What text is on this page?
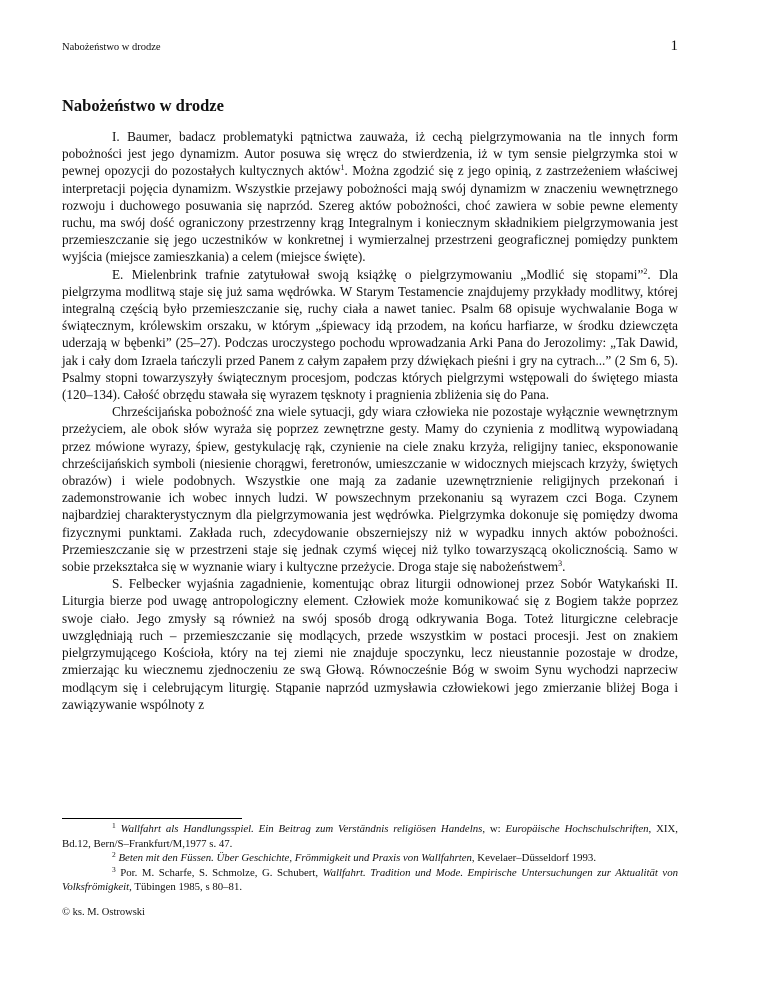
Nabożeństwo w drodze	1
Nabożeństwo w drodze

I. Baumer, badacz problematyki pątnictwa zauważa, iż cechą pielgrzymowania na tle innych form pobożności jest jego dynamizm. Autor posuwa się wręcz do stwierdzenia, iż w tym sensie pielgrzymka stoi w pewnej opozycji do pozostałych kultycznych aktów$^1$. Można zgodzić się z jego opinią, z zastrzeżeniem właściwej interpretacji pojęcia dynamizm. Wszystkie przejawy pobożności mają swój dynamizm w znaczeniu wewnętrznego rozwoju i duchowego posuwania się naprzód. Szereg aktów pobożności, choć zawiera w sobie pewne elementy ruchu, ma swój dość ograniczony przestrzenny krąg Integralnym i koniecznym składnikiem pielgrzymowania jest przemieszczanie się jego uczestników w konkretnej i wymierzalnej przestrzeni geograficznej pomiędzy punktem wyjścia (miejsce zamieszkania) a celem (miejsce święte).

E. Mielenbrink trafnie zatytułował swoją książkę o pielgrzymowaniu „Modlić się stopami”$^2$. Dla pielgrzyma modlitwą staje się już sama wędrówka. W Starym Testamencie znajdujemy przykłady modlitwy, której integralną częścią było przemieszczanie się, ruchy ciała a nawet taniec. Psalm 68 opisuje wychwalanie Boga w świątecznym, królewskim orszaku, w którym „śpiewacy idą przodem, na końcu harfiarze, w środku dziewczęta uderzają w bębenki” (25–27). Podczas uroczystego pochodu wprowadzania Arki Pana do Jerozolimy: „Tak Dawid, jak i cały dom Izraela tańczyli przed Panem z całym zapałem przy dźwiękach pieśni i gry na cytrach...” (2 Sm 6, 5). Psalmy stopni towarzyszyły świątecznym procesjom, podczas których pielgrzymi wstępowali do świętego miasta (120–134). Całość obrzędu stawała się wyrazem tęsknoty i pragnienia zbliżenia się do Pana.

Chrześcijańska pobożność zna wiele sytuacji, gdy wiara człowieka nie pozostaje wyłącznie wewnętrznym przeżyciem, ale obok słów wyraża się poprzez zewnętrzne gesty. Mamy do czynienia z modlitwą wypowiadaną przez mówione wyrazy, śpiew, gestykulację rąk, czynienie na ciele znaku krzyża, religijny taniec, eksponowanie chrześcijańskich symboli (niesienie chorągwi, feretronów, umieszczanie w widocznych miejscach krzyży, świętych obrazów) i wiele podobnych. Wszystkie one mają za zadanie uzewnętrznienie religijnych przekonań i zademonstrowanie ich wobec innych ludzi. W powszechnym przekonaniu są wyrazem czci Boga. Czynem najbardziej charakterystycznym dla pielgrzymowania jest wędrówka. Pielgrzymka dokonuje się pomiędzy dwoma fizycznymi punktami. Zakłada ruch, zdecydowanie obszerniejszy niż w wypadku innych aktów pobożności. Przemieszczanie się w przestrzeni staje się jednak czymś więcej niż tylko towarzyszącą okolicznością. Samo w sobie przekształca się w wyznanie wiary i kultyczne przeżycie. Droga staje się nabożeństwem$^3$.

S. Felbecker wyjaśnia zagadnienie, komentując obraz liturgii odnowionej przez Sobór Watykański II. Liturgia bierze pod uwagę antropologiczny element. Człowiek może komunikować się z Bogiem także poprzez swoje ciało. Jego zmysły są również na swój sposób drogą odkrywania Boga. Toteż liturgiczne celebracje uwzględniają ruch – przemieszczanie się modlących, przede wszystkim w postaci procesji. Jest on znakiem pielgrzymującego Kościoła, który na tej ziemi nie znajduje spoczynku, lecz nieustannie pozostaje w drodze, zmierzając ku wiecznemu zjednoczeniu ze swą Głową. Równocześnie Bóg w swoim Synu wychodzi naprzeciw modlącym się i celebrującym liturgię. Stąpanie naprzód uzmysławia człowiekowi jego zmierzanie bliżej Boga i zawiązywanie wspólnoty z

$^1$ Wallfahrt als Handlungsspiel. Ein Beitrag zum Verständnis religiösen Handelns, w: Europäische Hochschulschriften, XIX, Bd.12, Bern/S–Frankfurt/M,1977 s. 47.

$^2$ Beten mit den Füssen. Über Geschichte, Frömmigkeit und Praxis von Wallfahrten, Kevelaer–Düsseldorf 1993.

$^3$ Por. M. Scharfe, S. Schmolze, G. Schubert, Wallfahrt. Tradition und Mode. Empirische Untersuchungen zur Aktualität von Volksfrömigkeit, Tübingen 1985, s 80–81.

© ks. M. Ostrowski
